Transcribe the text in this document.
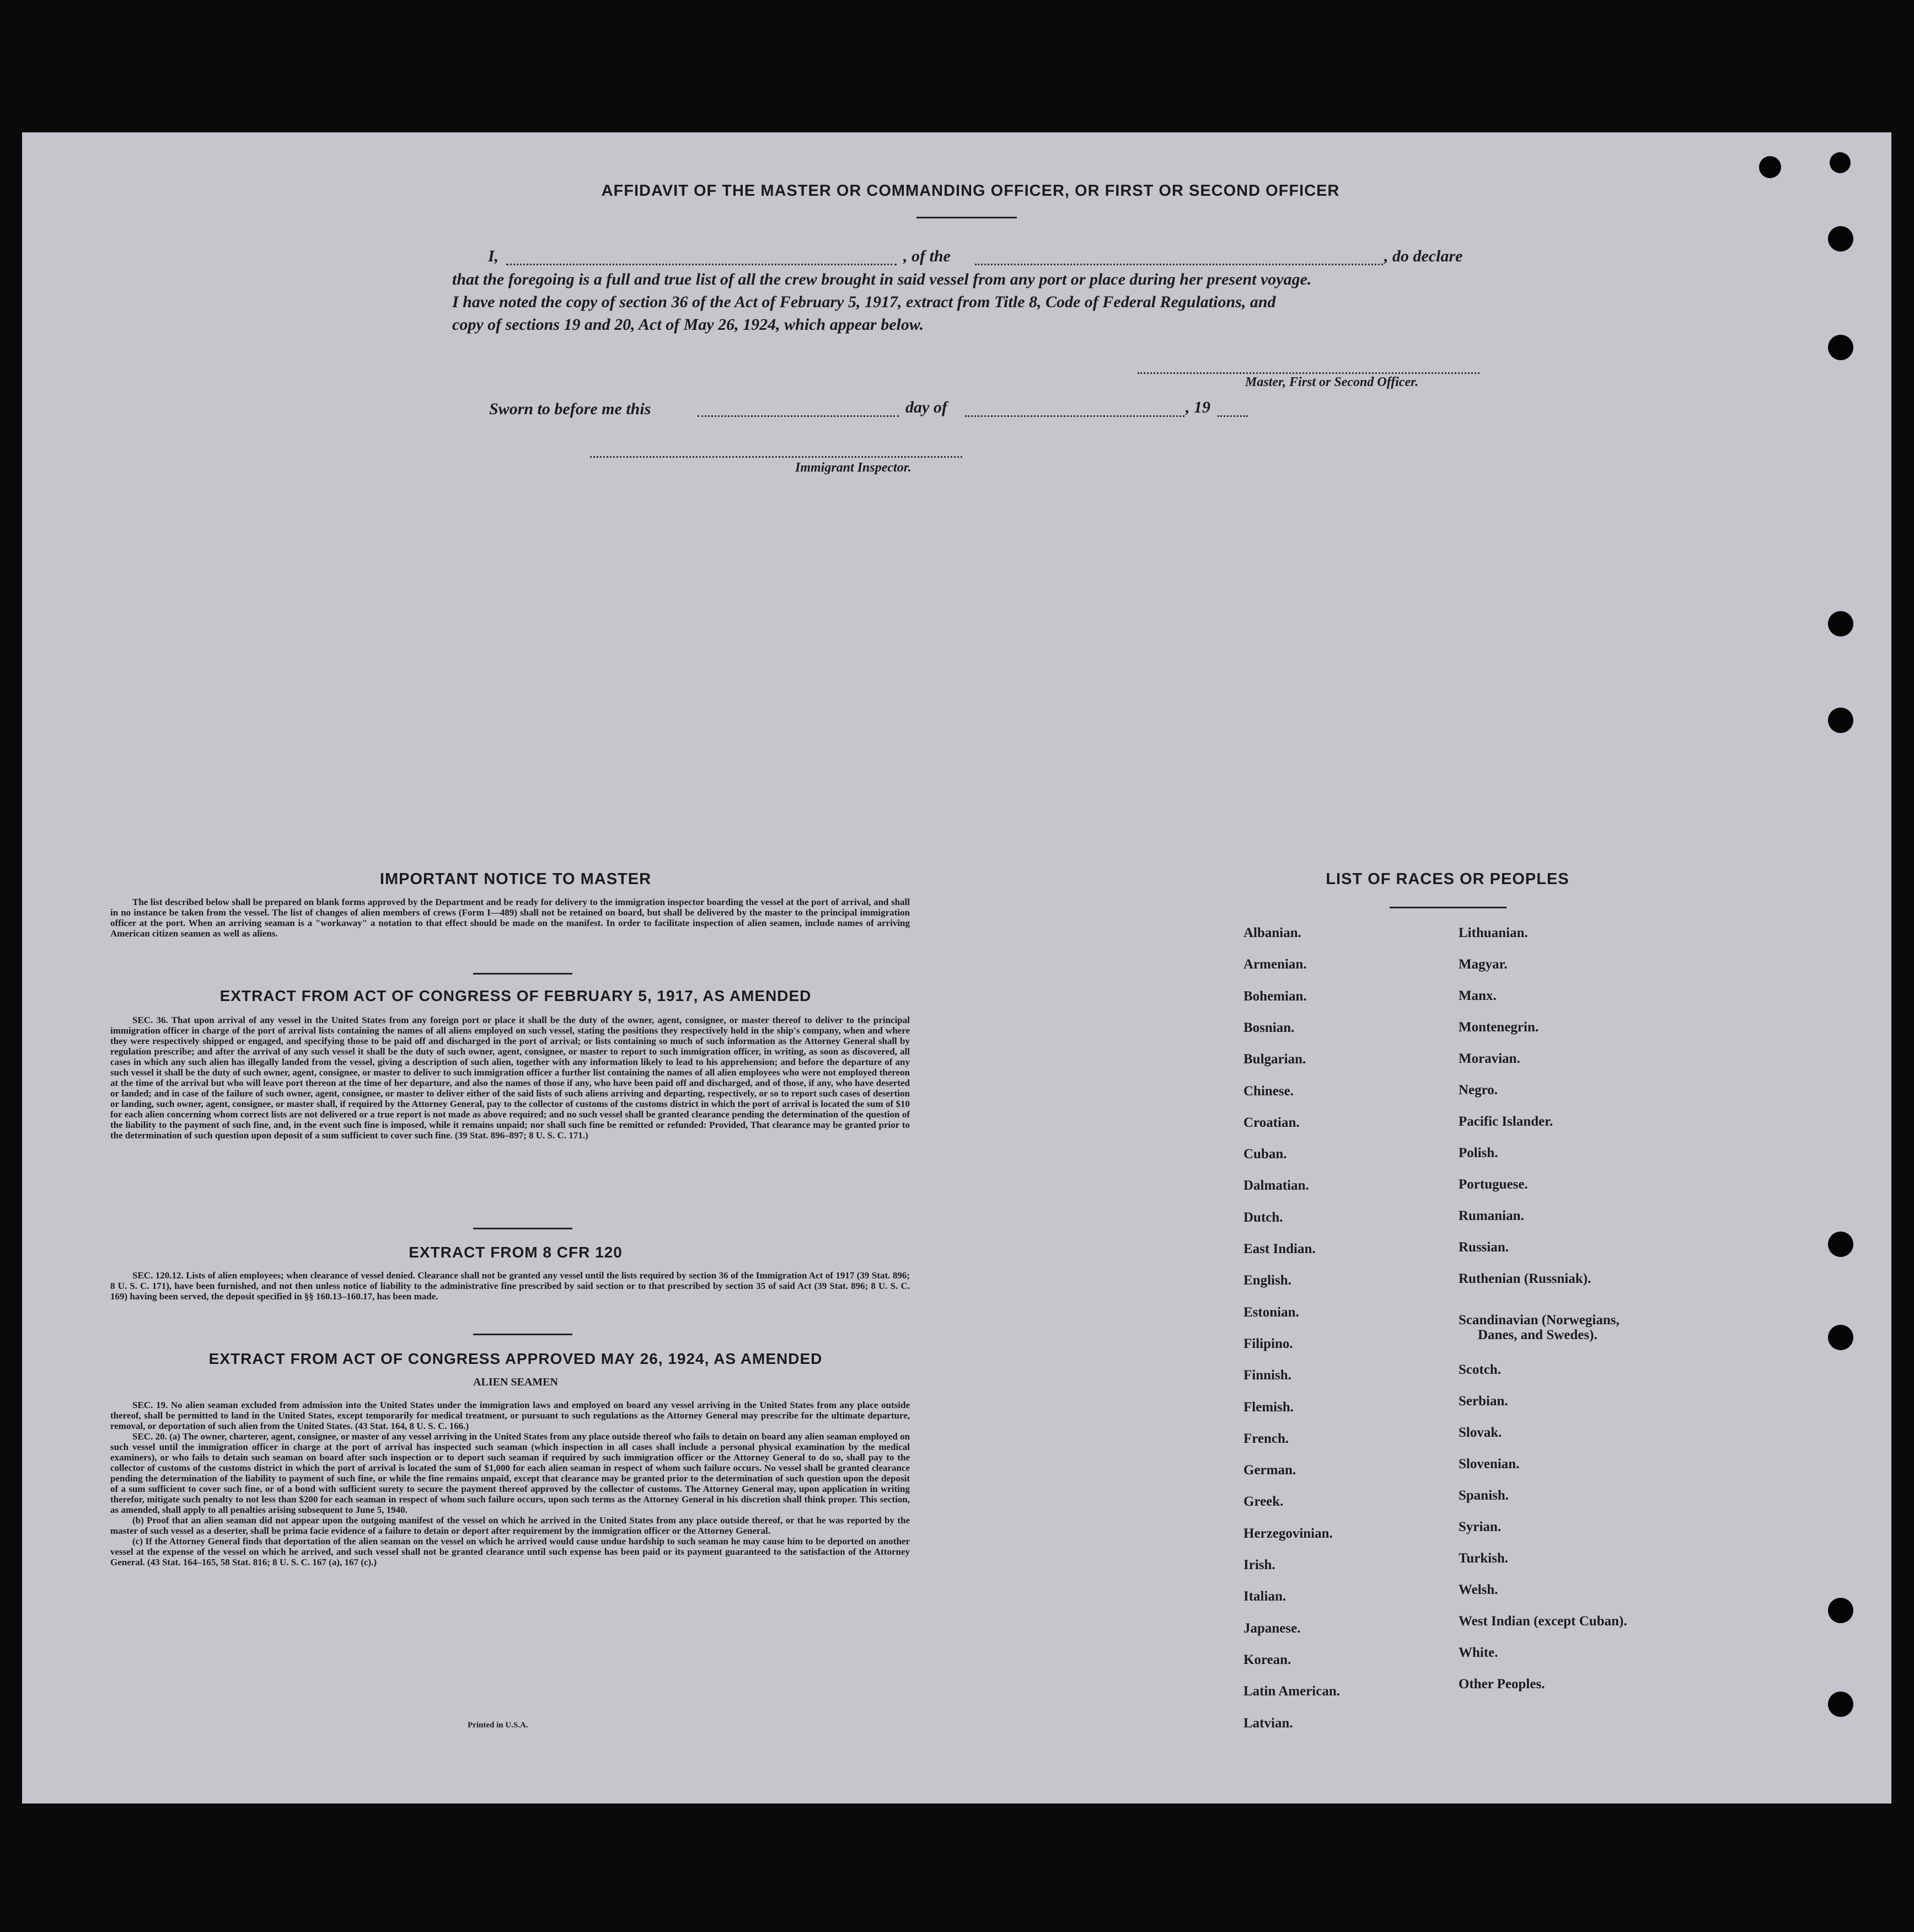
AFFIDAVIT OF THE MASTER OR COMMANDING OFFICER, OR FIRST OR SECOND OFFICER
I,	, of the	, do declare
that the foregoing is a full and true list of all the crew brought in said vessel from any port or place during her present voyage.
I have noted the copy of section 36 of the Act of February 5, 1917, extract from Title 8, Code of Federal Regulations, and
copy of sections 19 and 20, Act of May 26, 1924, which appear below.
Master, First or Second Officer.
Sworn to before me this	day of	, 19
Immigrant Inspector.
IMPORTANT NOTICE TO MASTER

The list described below shall be prepared on blank forms approved by the Department and be ready for delivery to the immigration inspector boarding the vessel at the port of arrival, and shall in no instance be taken from the vessel. The list of changes of alien members of crews (Form I—489) shall not be retained on board, but shall be delivered by the master to the principal immigration officer at the port. When an arriving seaman is a "workaway" a notation to that effect should be made on the manifest. In order to facilitate inspection of alien seamen, include names of arriving American citizen seamen as well as aliens.

EXTRACT FROM ACT OF CONGRESS OF FEBRUARY 5, 1917, AS AMENDED

SEC. 36. That upon arrival of any vessel in the United States from any foreign port or place it shall be the duty of the owner, agent, consignee, or master thereof to deliver to the principal immigration officer in charge of the port of arrival lists containing the names of all aliens employed on such vessel, stating the positions they respectively hold in the ship's company, when and where they were respectively shipped or engaged, and specifying those to be paid off and discharged in the port of arrival; or lists containing so much of such information as the Attorney General shall by regulation prescribe; and after the arrival of any such vessel it shall be the duty of such owner, agent, consignee, or master to report to such immigration officer, in writing, as soon as discovered, all cases in which any such alien has illegally landed from the vessel, giving a description of such alien, together with any information likely to lead to his apprehension; and before the departure of any such vessel it shall be the duty of such owner, agent, consignee, or master to deliver to such immigration officer a further list containing the names of all alien employees who were not employed thereon at the time of the arrival but who will leave port thereon at the time of her departure, and also the names of those if any, who have been paid off and discharged, and of those, if any, who have deserted or landed; and in case of the failure of such owner, agent, consignee, or master to deliver either of the said lists of such aliens arriving and departing, respectively, or so to report such cases of desertion or landing, such owner, agent, consignee, or master shall, if required by the Attorney General, pay to the collector of customs of the customs district in which the port of arrival is located the sum of $10 for each alien concerning whom correct lists are not delivered or a true report is not made as above required; and no such vessel shall be granted clearance pending the determination of the question of the liability to the payment of such fine, and, in the event such fine is imposed, while it remains unpaid; nor shall such fine be remitted or refunded: Provided, That clearance may be granted prior to the determination of such question upon deposit of a sum sufficient to cover such fine. (39 Stat. 896–897; 8 U. S. C. 171.)

EXTRACT FROM 8 CFR 120

SEC. 120.12. Lists of alien employees; when clearance of vessel denied. Clearance shall not be granted any vessel until the lists required by section 36 of the Immigration Act of 1917 (39 Stat. 896; 8 U. S. C. 171), have been furnished, and not then unless notice of liability to the administrative fine prescribed by said section or to that prescribed by section 35 of said Act (39 Stat. 896; 8 U. S. C. 169) having been served, the deposit specified in §§ 160.13–160.17, has been made.

EXTRACT FROM ACT OF CONGRESS APPROVED MAY 26, 1924, AS AMENDED
ALIEN SEAMEN

SEC. 19. No alien seaman excluded from admission into the United States under the immigration laws and employed on board any vessel arriving in the United States from any place outside thereof, shall be permitted to land in the United States, except temporarily for medical treatment, or pursuant to such regulations as the Attorney General may prescribe for the ultimate departure, removal, or deportation of such alien from the United States. (43 Stat. 164, 8 U. S. C. 166.)

SEC. 20. (a) The owner, charterer, agent, consignee, or master of any vessel arriving in the United States from any place outside thereof who fails to detain on board any alien seaman employed on such vessel until the immigration officer in charge at the port of arrival has inspected such seaman (which inspection in all cases shall include a personal physical examination by the medical examiners), or who fails to detain such seaman on board after such inspection or to deport such seaman if required by such immigration officer or the Attorney General to do so, shall pay to the collector of customs of the customs district in which the port of arrival is located the sum of $1,000 for each alien seaman in respect of whom such failure occurs. No vessel shall be granted clearance pending the determination of the liability to payment of such fine, or while the fine remains unpaid, except that clearance may be granted prior to the determination of such question upon the deposit of a sum sufficient to cover such fine, or of a bond with sufficient surety to secure the payment thereof approved by the collector of customs. The Attorney General may, upon application in writing therefor, mitigate such penalty to not less than $200 for each seaman in respect of whom such failure occurs, upon such terms as the Attorney General in his discretion shall think proper. This section, as amended, shall apply to all penalties arising subsequent to June 5, 1940.

(b) Proof that an alien seaman did not appear upon the outgoing manifest of the vessel on which he arrived in the United States from any place outside thereof, or that he was reported by the master of such vessel as a deserter, shall be prima facie evidence of a failure to detain or deport after requirement by the immigration officer or the Attorney General.

(c) If the Attorney General finds that deportation of the alien seaman on the vessel on which he arrived would cause undue hardship to such seaman he may cause him to be deported on another vessel at the expense of the vessel on which he arrived, and such vessel shall not be granted clearance until such expense has been paid or its payment guaranteed to the satisfaction of the Attorney General. (43 Stat. 164–165, 58 Stat. 816; 8 U. S. C. 167 (a), 167 (c).)

Printed in U.S.A.
LIST OF RACES OR PEOPLES
Albanian.
Armenian.
Bohemian.
Bosnian.
Bulgarian.
Chinese.
Croatian.
Cuban.
Dalmatian.
Dutch.
East Indian.
English.
Estonian.
Filipino.
Finnish.
Flemish.
French.
German.
Greek.
Herzegovinian.
Irish.
Italian.
Japanese.
Korean.
Latin American.
Latvian.
Lithuanian.
Magyar.
Manx.
Montenegrin.
Moravian.
Negro.
Pacific Islander.
Polish.
Portuguese.
Rumanian.
Russian.
Ruthenian (Russniak).
Scandinavian (Norwegians,
Danes, and Swedes).
Scotch.
Serbian.
Slovak.
Slovenian.
Spanish.
Syrian.
Turkish.
Welsh.
West Indian (except Cuban).
White.
Other Peoples.
